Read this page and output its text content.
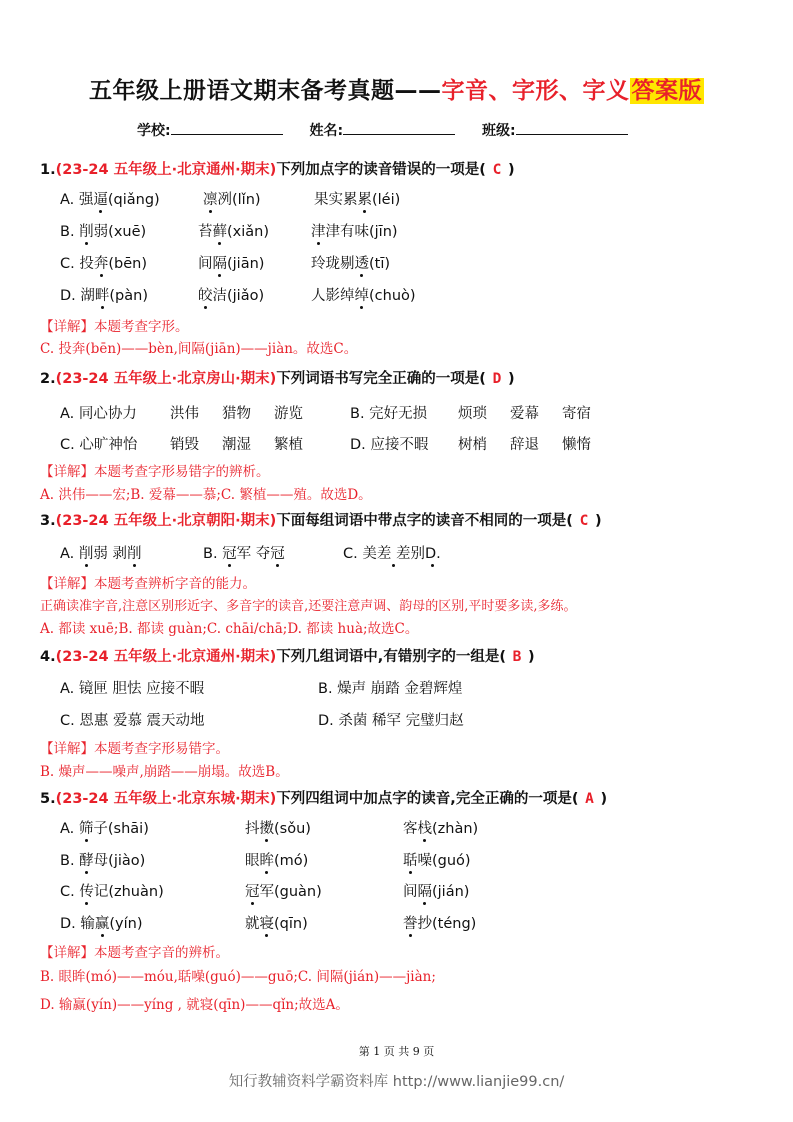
五年级上册语文期末备考真题——字音、字形、字义答案版
学校:	姓名:	班级:
1.(23-24 五年级上·北京通州·期末)下列加点字的读音错误的一项是( C )
A. 强逼(qiǎng)	凛冽(lǐn)	果实累累(léi)
B. 削弱(xuē)	苔藓(xiǎn)	津津有味(jīn)
C. 投奔(bēn)	间隔(jiān)	玲珑剔透(tī)
D. 湖畔(pàn)	皎洁(jiǎo)	人影绰绰(chuò)
【详解】本题考查字形。
C. 投奔(bēn)——bèn,间隔(jiān)——jiàn。故选C。
2.(23-24 五年级上·北京房山·期末)下列词语书写完全正确的一项是( D )
A. 同心协力 洪伟 猎物 游览	B. 完好无损 烦琐 爱幕 寄宿
C. 心旷神怡 销毁 潮湿 繁植	D. 应接不暇 树梢 辞退 懒惰
【详解】本题考查字形易错字的辨析。
A. 洪伟——宏;B. 爱幕——慕;C. 繁植——殖。故选D。
3.(23-24 五年级上·北京朝阳·期末)下面每组词语中带点字的读音不相同的一项是( C )
A. 削弱 剥削	B. 冠军 夺冠	C. 美差 差别D.
【详解】本题考查辨析字音的能力。
正确读准字音,注意区别形近字、多音字的读音,还要注意声调、韵母的区别,平时要多读,多练。
A. 都读 xuē;B. 都读 guàn;C. chāi/chā;D. 都读 huà;故选C。
4.(23-24 五年级上·北京通州·期末)下列几组词语中,有错别字的一组是( B )
A. 镜匣 胆怯 应接不暇	B. 燥声 崩踏 金碧辉煌
C. 恩惠 爱慕 震天动地	D. 杀菌 稀罕 完璧归赵
【详解】本题考查字形易错字。
B. 燥声——噪声,崩踏——崩塌。故选B。
5.(23-24 五年级上·北京东城·期末)下列四组词中加点字的读音,完全正确的一项是( A )
A. 筛子(shāi)	抖擞(sǒu)	客栈(zhàn)
B. 酵母(jiào)	眼眸(mó)	聒噪(guó)
C. 传记(zhuàn)	冠军(guàn)	间隔(jián)
D. 输赢(yín)	就寝(qīn)	誊抄(téng)
【详解】本题考查字音的辨析。
B. 眼眸(mó)——móu,聒噪(guó)——guō;C. 间隔(jián)——jiàn;
D. 输赢(yín)——yíng , 就寝(qīn)——qǐn;故选A。
第 1 页 共 9 页
知行教辅资料学霸资料库 http://www.lianjie99.cn/
